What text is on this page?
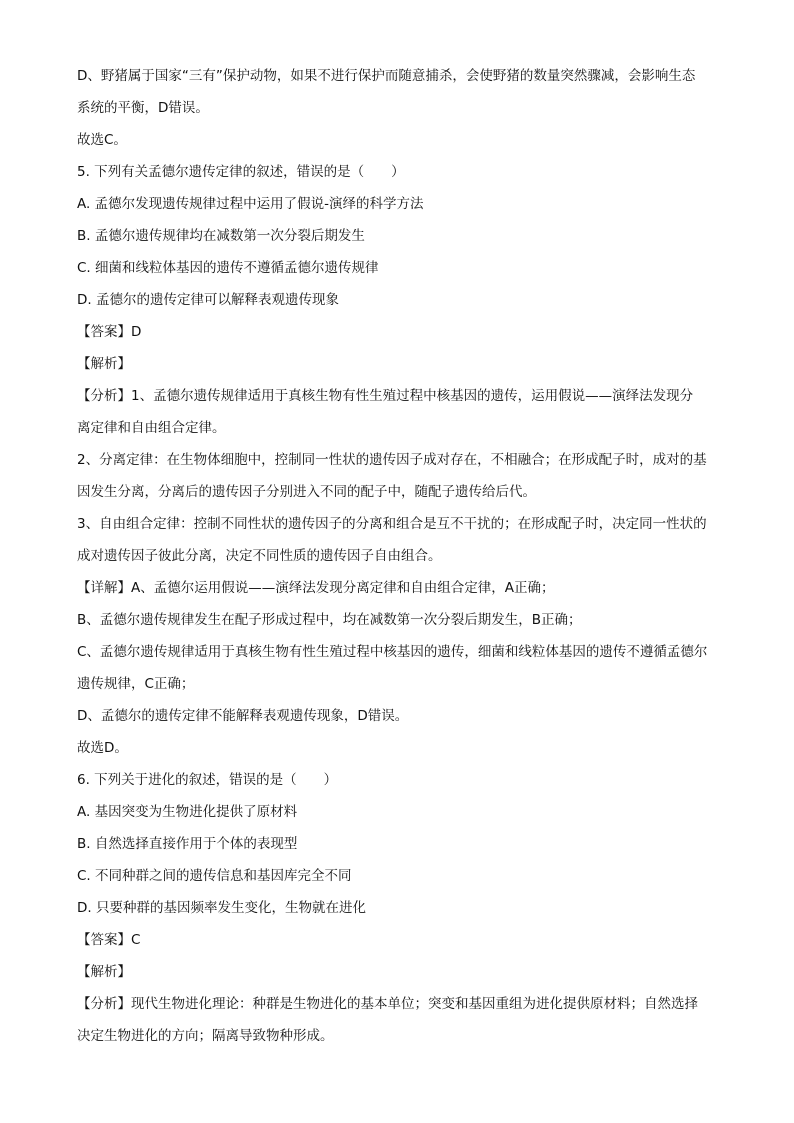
D、野猪属于国家“三有”保护动物，如果不进行保护而随意捕杀，会使野猪的数量突然骤减，会影响生态
系统的平衡，D错误。
故选C。
5. 下列有关孟德尔遗传定律的叙述，错误的是（　　）
A. 孟德尔发现遗传规律过程中运用了假说-演绎的科学方法
B. 孟德尔遗传规律均在减数第一次分裂后期发生
C. 细菌和线粒体基因的遗传不遵循孟德尔遗传规律
D. 孟德尔的遗传定律可以解释表观遗传现象
【答案】D
【解析】
【分析】1、孟德尔遗传规律适用于真核生物有性生殖过程中核基因的遗传，运用假说——演绎法发现分
离定律和自由组合定律。
2、分离定律：在生物体细胞中，控制同一性状的遗传因子成对存在，不相融合；在形成配子时，成对的基
因发生分离，分离后的遗传因子分别进入不同的配子中，随配子遗传给后代。
3、自由组合定律：控制不同性状的遗传因子的分离和组合是互不干扰的；在形成配子时，决定同一性状的
成对遗传因子彼此分离，决定不同性质的遗传因子自由组合。
【详解】A、孟德尔运用假说——演绎法发现分离定律和自由组合定律，A正确；
B、孟德尔遗传规律发生在配子形成过程中，均在减数第一次分裂后期发生，B正确；
C、孟德尔遗传规律适用于真核生物有性生殖过程中核基因的遗传，细菌和线粒体基因的遗传不遵循孟德尔
遗传规律，C正确；
D、孟德尔的遗传定律不能解释表观遗传现象，D错误。
故选D。
6. 下列关于进化的叙述，错误的是（　　）
A. 基因突变为生物进化提供了原材料
B. 自然选择直接作用于个体的表现型
C. 不同种群之间的遗传信息和基因库完全不同
D. 只要种群的基因频率发生变化，生物就在进化
【答案】C
【解析】
【分析】现代生物进化理论：种群是生物进化的基本单位；突变和基因重组为进化提供原材料；自然选择
决定生物进化的方向；隔离导致物种形成。
